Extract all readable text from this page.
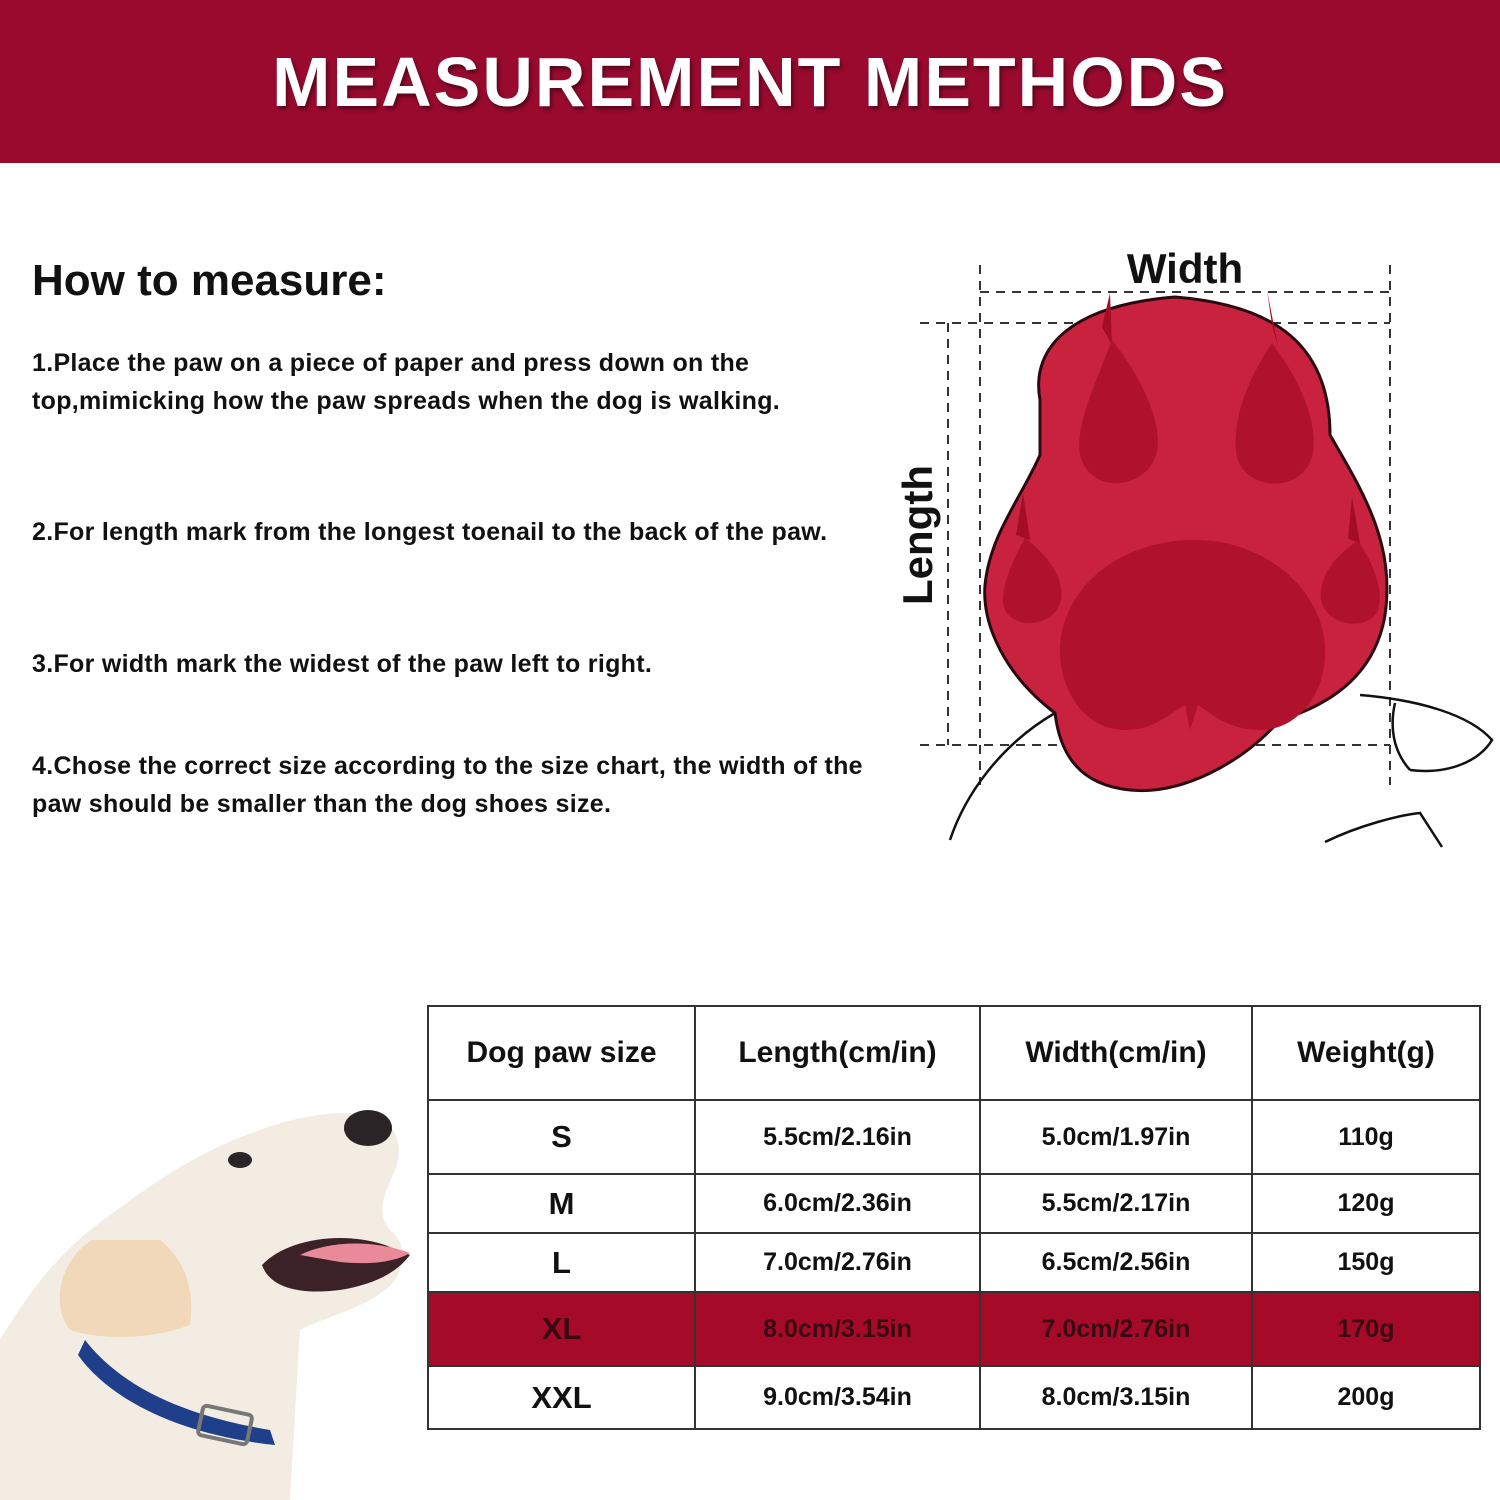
MEASUREMENT METHODS
How to measure:
1.Place the paw on a piece of paper and press down on the top,mimicking how the paw spreads when the dog is walking.
2.For length mark from the longest toenail to the back of the paw.
3.For width mark the widest of the paw left to right.
4.Chose the correct size according to the size chart, the width of the paw should be smaller than the dog shoes size.
Width
Length
Dog paw size	Length(cm/in)	Width(cm/in)	Weight(g)
S	5.5cm/2.16in	5.0cm/1.97in	110g
M	6.0cm/2.36in	5.5cm/2.17in	120g
L	7.0cm/2.76in	6.5cm/2.56in	150g
XL	8.0cm/3.15in	7.0cm/2.76in	170g
XXL	9.0cm/3.54in	8.0cm/3.15in	200g
